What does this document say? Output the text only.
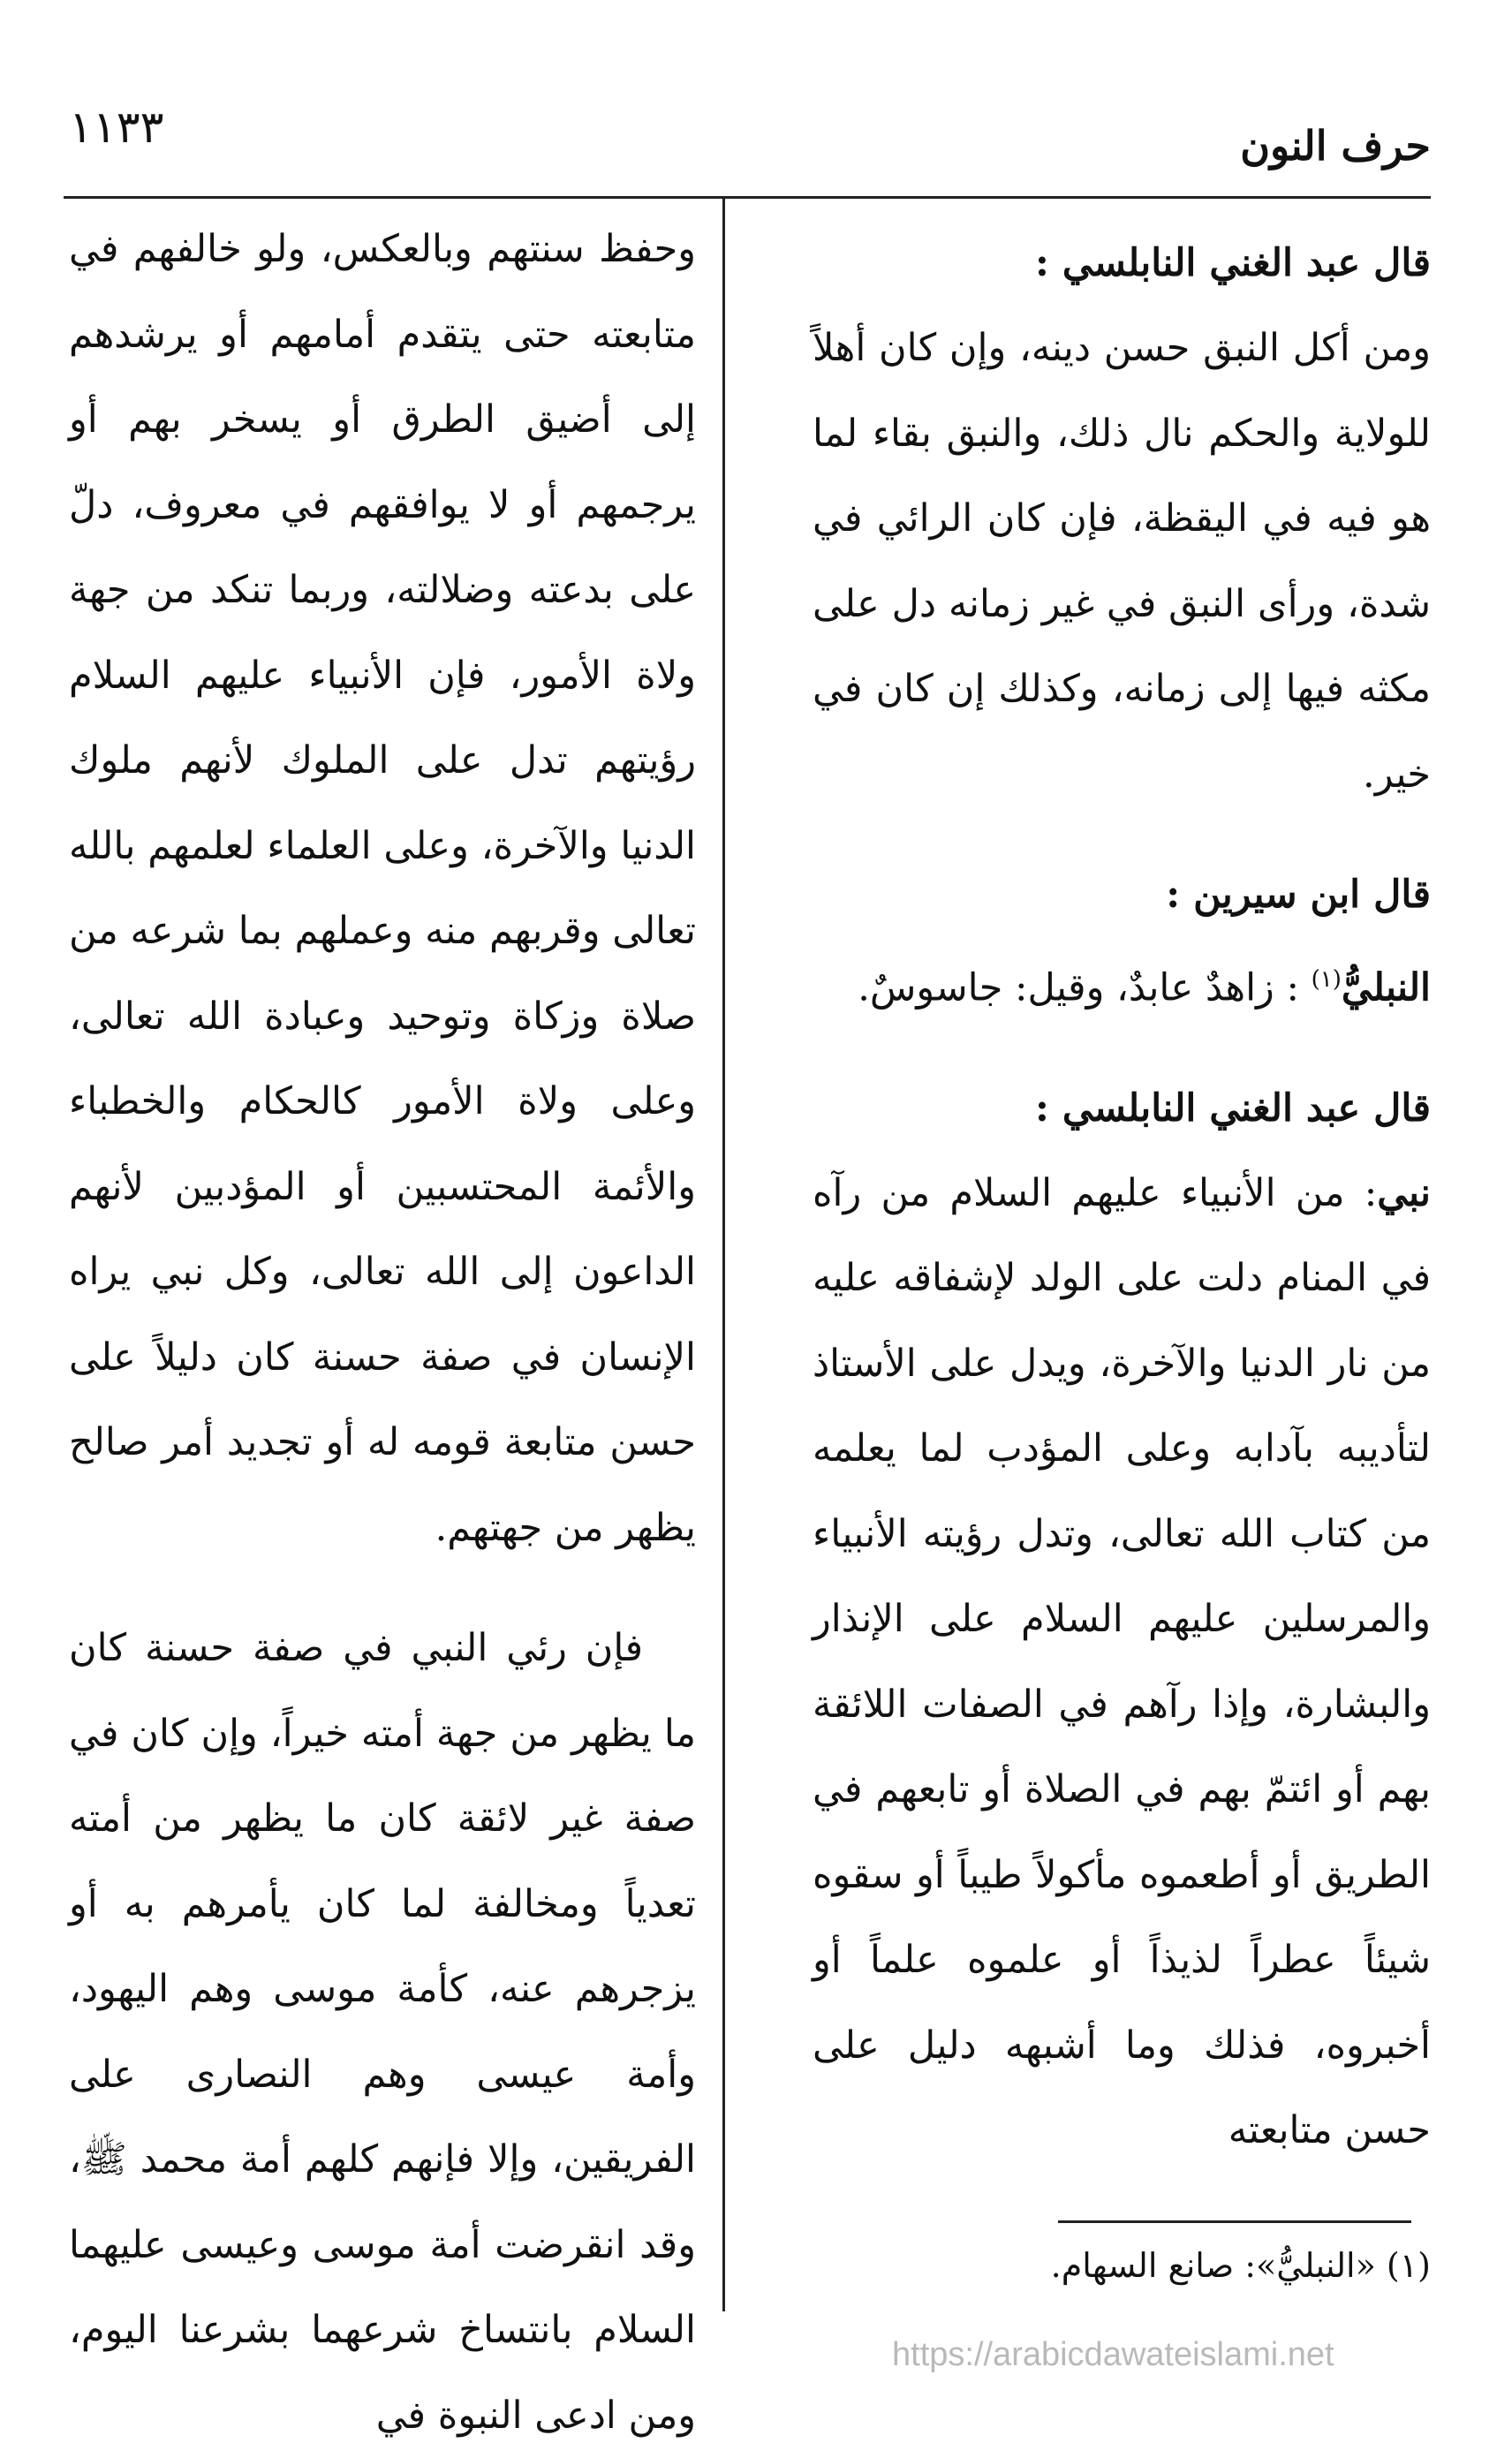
١١٣٣	حرف النون

قال عبد الغني النابلسي :

ومن أكل النبق حسن دينه، وإن كان أهلاً للولاية والحكم نال ذلك، والنبق بقاء لما هو فيه في اليقظة، فإن كان الرائي في شدة، ورأى النبق في غير زمانه دل على مكثه فيها إلى زمانه، وكذلك إن كان في خير.

قال ابن سيرين :

النبليُّ$^{(١)}$ : زاهدٌ عابدٌ، وقيل: جاسوسٌ.

قال عبد الغني النابلسي :

نبي: من الأنبياء عليهم السلام من رآه في المنام دلت على الولد لإشفاقه عليه من نار الدنيا والآخرة، ويدل على الأستاذ لتأديبه بآدابه وعلى المؤدب لما يعلمه من كتاب الله تعالى، وتدل رؤيته الأنبياء والمرسلين عليهم السلام على الإنذار والبشارة، وإذا رآهم في الصفات اللائقة بهم أو ائتمّ بهم في الصلاة أو تابعهم في الطريق أو أطعموه مأكولاً طيباً أو سقوه شيئاً عطراً لذيذاً أو علموه علماً أو أخبروه، فذلك وما أشبهه دليل على حسن متابعته

وحفظ سنتهم وبالعكس، ولو خالفهم في متابعته حتى يتقدم أمامهم أو يرشدهم إلى أضيق الطرق أو يسخر بهم أو يرجمهم أو لا يوافقهم في معروف، دلّ على بدعته وضلالته، وربما تنكد من جهة ولاة الأمور، فإن الأنبياء عليهم السلام رؤيتهم تدل على الملوك لأنهم ملوك الدنيا والآخرة، وعلى العلماء لعلمهم بالله تعالى وقربهم منه وعملهم بما شرعه من صلاة وزكاة وتوحيد وعبادة الله تعالى، وعلى ولاة الأمور كالحكام والخطباء والأئمة المحتسبين أو المؤدبين لأنهم الداعون إلى الله تعالى، وكل نبي يراه الإنسان في صفة حسنة كان دليلاً على حسن متابعة قومه له أو تجديد أمر صالح يظهر من جهتهم.

فإن رئي النبي في صفة حسنة كان ما يظهر من جهة أمته خيراً، وإن كان في صفة غير لائقة كان ما يظهر من أمته تعدياً ومخالفة لما كان يأمرهم به أو يزجرهم عنه، كأمة موسى وهم اليهود، وأمة عيسى وهم النصارى على الفريقين، وإلا فإنهم كلهم أمة محمد ﷺ، وقد انقرضت أمة موسى وعيسى عليهما السلام بانتساخ شرعهما بشرعنا اليوم، ومن ادعى النبوة في

(١) «النبليُّ»: صانع السهام.
https://arabicdawateislami.net
